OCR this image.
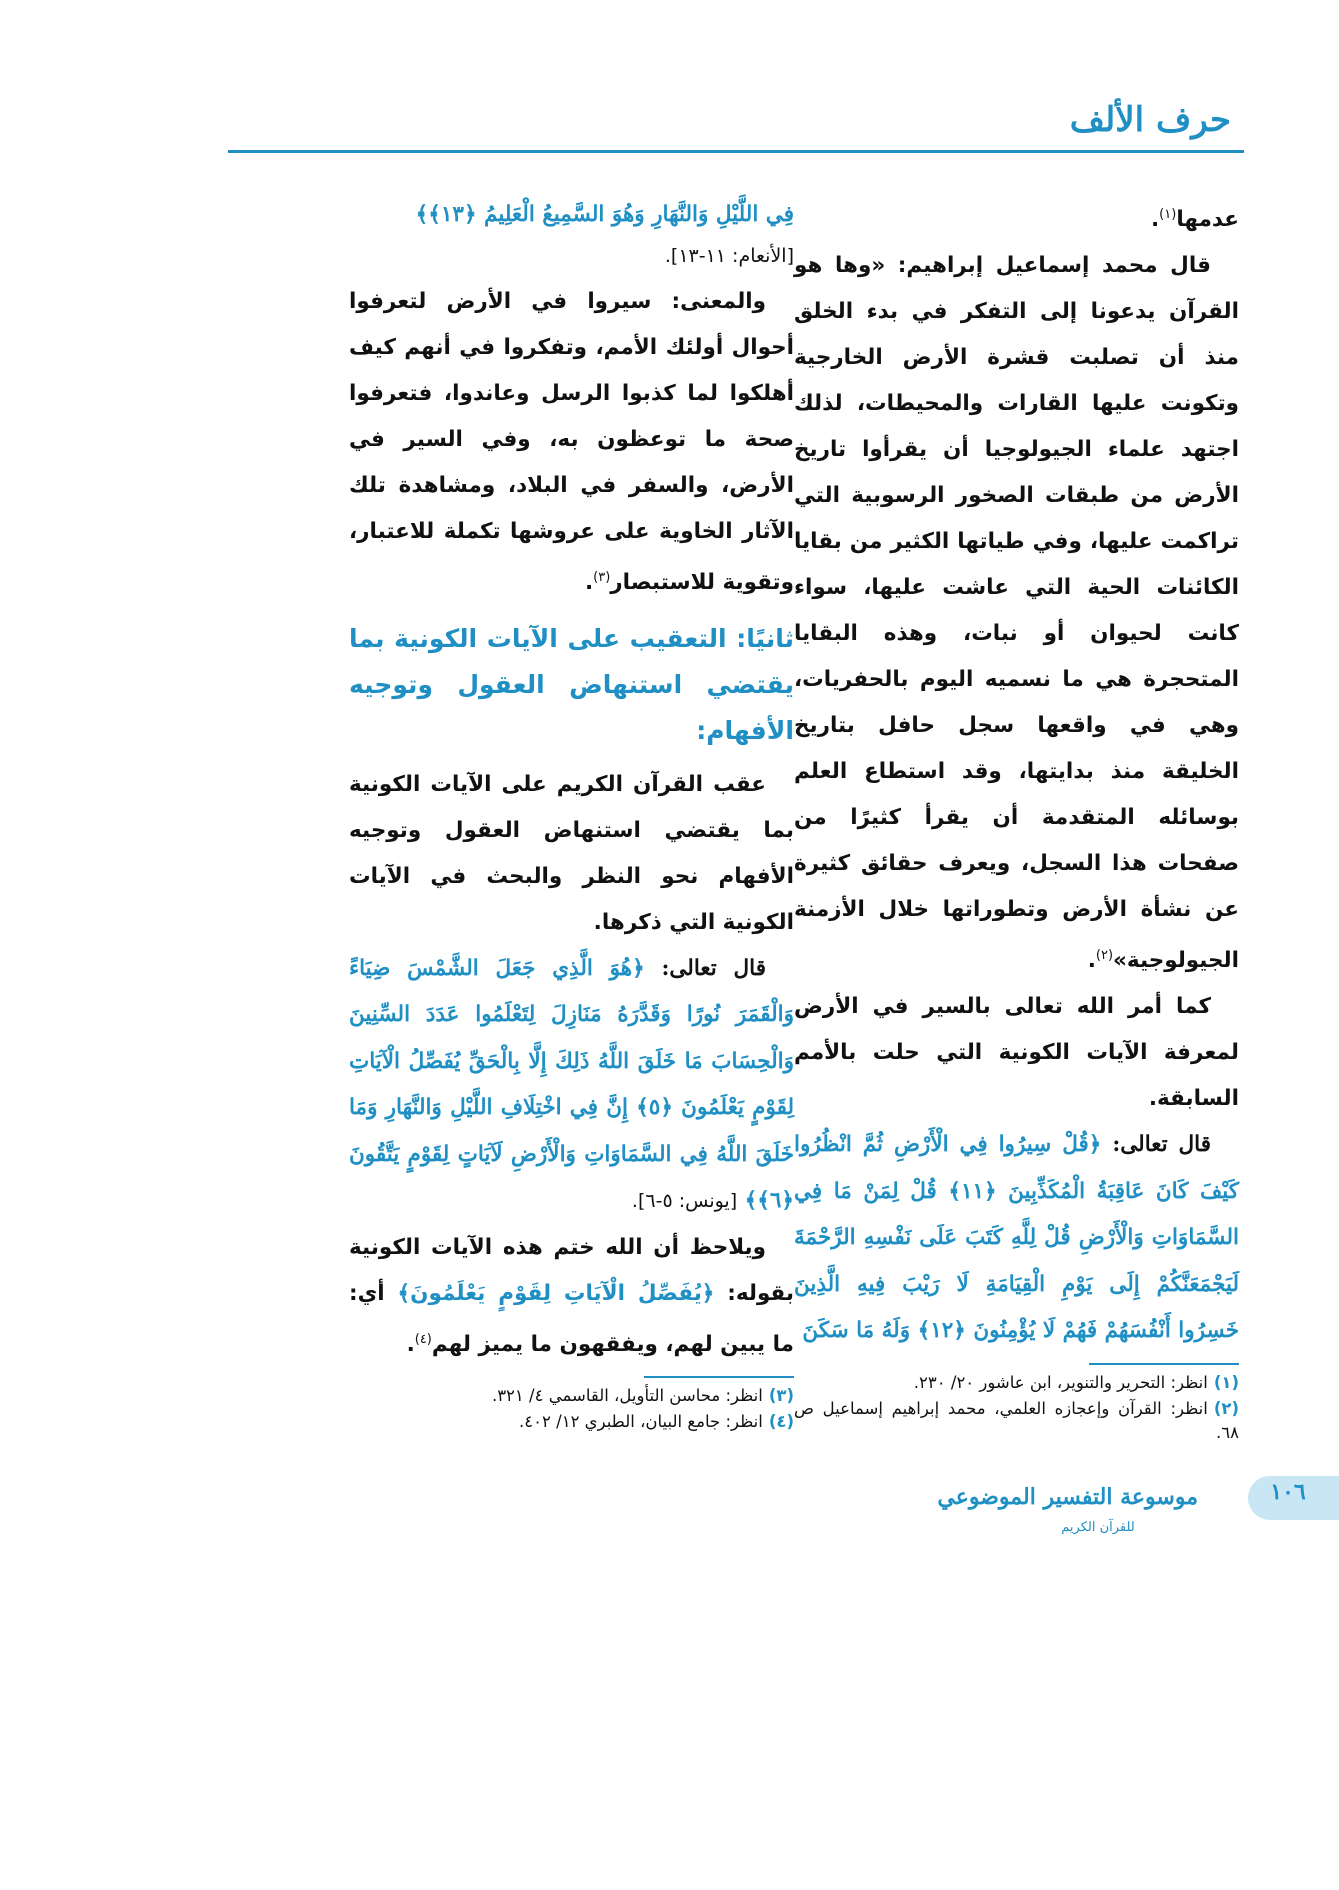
حرف الألف

عدمها$^{(١)}$.

قال محمد إسماعيل إبراهيم: «وها هو القرآن يدعونا إلى التفكر في بدء الخلق منذ أن تصلبت قشرة الأرض الخارجية وتكونت عليها القارات والمحيطات، لذلك اجتهد علماء الجيولوجيا أن يقرأوا تاريخ الأرض من طبقات الصخور الرسوبية التي تراكمت عليها، وفي طياتها الكثير من بقايا الكائنات الحية التي عاشت عليها، سواء كانت لحيوان أو نبات، وهذه البقايا المتحجرة هي ما نسميه اليوم بالحفريات، وهي في واقعها سجل حافل بتاريخ الخليقة منذ بدايتها، وقد استطاع العلم بوسائله المتقدمة أن يقرأ كثيرًا من صفحات هذا السجل، ويعرف حقائق كثيرة عن نشأة الأرض وتطوراتها خلال الأزمنة الجيولوجية»$^{(٢)}$.

كما أمر الله تعالى بالسير في الأرض لمعرفة الآيات الكونية التي حلت بالأمم السابقة.

قال تعالى: ﴿قُلْ سِيرُوا فِي الْأَرْضِ ثُمَّ انْظُرُوا كَيْفَ كَانَ عَاقِبَةُ الْمُكَذِّبِينَ ﴿١١﴾ قُلْ لِمَنْ مَا فِي السَّمَاوَاتِ وَالْأَرْضِ قُلْ لِلَّهِ كَتَبَ عَلَى نَفْسِهِ الرَّحْمَةَ لَيَجْمَعَنَّكُمْ إِلَى يَوْمِ الْقِيَامَةِ لَا رَيْبَ فِيهِ الَّذِينَ خَسِرُوا أَنْفُسَهُمْ فَهُمْ لَا يُؤْمِنُونَ ﴿١٢﴾ وَلَهُ مَا سَكَنَ

(١)انظر: التحرير والتنوير، ابن عاشور ٢٠/ ٢٣٠.

(٢)انظر: القرآن وإعجازه العلمي، محمد إبراهيم إسماعيل ص ٦٨.

فِي اللَّيْلِ وَالنَّهَارِ وَهُوَ السَّمِيعُ الْعَلِيمُ ﴿١٣﴾﴾

[الأنعام: ١١-١٣].

والمعنى: سيروا في الأرض لتعرفوا أحوال أولئك الأمم، وتفكروا في أنهم كيف أهلكوا لما كذبوا الرسل وعاندوا، فتعرفوا صحة ما توعظون به، وفي السير في الأرض، والسفر في البلاد، ومشاهدة تلك الآثار الخاوية على عروشها تكملة للاعتبار، وتقوية للاستبصار$^{(٣)}$.

ثانيًا: التعقيب على الآيات الكونية بما يقتضي استنهاض العقول وتوجيه الأفهام:

عقب القرآن الكريم على الآيات الكونية بما يقتضي استنهاض العقول وتوجيه الأفهام نحو النظر والبحث في الآيات الكونية التي ذكرها.

قال تعالى: ﴿هُوَ الَّذِي جَعَلَ الشَّمْسَ ضِيَاءً وَالْقَمَرَ نُورًا وَقَدَّرَهُ مَنَازِلَ لِتَعْلَمُوا عَدَدَ السِّنِينَ وَالْحِسَابَ مَا خَلَقَ اللَّهُ ذَلِكَ إِلَّا بِالْحَقِّ يُفَصِّلُ الْآيَاتِ لِقَوْمٍ يَعْلَمُونَ ﴿٥﴾ إِنَّ فِي اخْتِلَافِ اللَّيْلِ وَالنَّهَارِ وَمَا خَلَقَ اللَّهُ فِي السَّمَاوَاتِ وَالْأَرْضِ لَآيَاتٍ لِقَوْمٍ يَتَّقُونَ ﴿٦﴾﴾ [يونس: ٥-٦].

ويلاحظ أن الله ختم هذه الآيات الكونية بقوله: ﴿يُفَصِّلُ الْآيَاتِ لِقَوْمٍ يَعْلَمُونَ﴾ أي: ما يبين لهم، ويفقهون ما يميز لهم$^{(٤)}$.

(٣)انظر: محاسن التأويل، القاسمي ٤/ ٣٢١.

(٤)انظر: جامع البيان، الطبري ١٢/ ٤٠٢.

موسوعة التفسير الموضوعي
للقرآن الكريم
١٠٦
